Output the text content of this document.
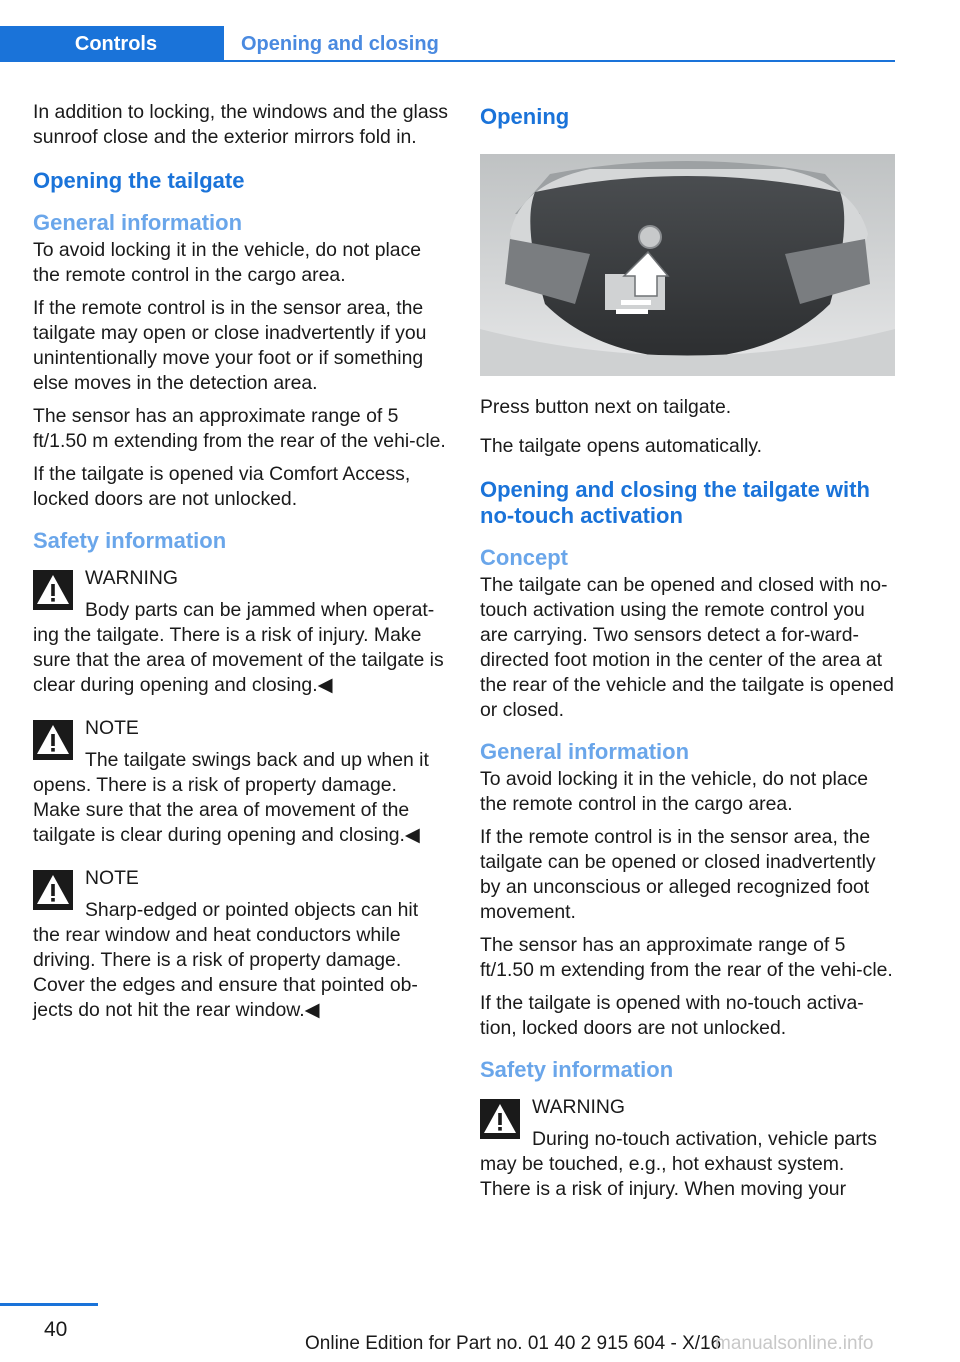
Controls	Opening and closing

In addition to locking, the windows and the glass sunroof close and the exterior mirrors fold in.

Opening the tailgate
General information

To avoid locking it in the vehicle, do not place the remote control in the cargo area.

If the remote control is in the sensor area, the tailgate may open or close inadvertently if you unintentionally move your foot or if something else moves in the detection area.

The sensor has an approximate range of 5 ft/1.50 m extending from the rear of the vehi‐cle.

If the tailgate is opened via Comfort Access, locked doors are not unlocked.

Safety information
WARNING
Body parts can be jammed when operat‐ing the tailgate. There is a risk of injury. Make sure that the area of movement of the tailgate is clear during opening and closing.◀
NOTE
The tailgate swings back and up when it opens. There is a risk of property damage. Make sure that the area of movement of the tailgate is clear during opening and closing.◀
NOTE
Sharp-edged or pointed objects can hit the rear window and heat conductors while driving. There is a risk of property damage. Cover the edges and ensure that pointed ob‐jects do not hit the rear window.◀
Opening

Press button next on tailgate.

The tailgate opens automatically.

Opening and closing the tailgate with no-touch activation
Concept

The tailgate can be opened and closed with no-touch activation using the remote control you are carrying. Two sensors detect a for‐ward-directed foot motion in the center of the area at the rear of the vehicle and the tailgate is opened or closed.

General information

To avoid locking it in the vehicle, do not place the remote control in the cargo area.

If the remote control is in the sensor area, the tailgate can be opened or closed inadvertently by an unconscious or alleged recognized foot movement.

The sensor has an approximate range of 5 ft/1.50 m extending from the rear of the vehi‐cle.

If the tailgate is opened with no-touch activa‐tion, locked doors are not unlocked.

Safety information
WARNING
During no-touch activation, vehicle parts may be touched, e.g., hot exhaust system. There is a risk of injury. When moving your
40
Online Edition for Part no. 01 40 2 915 604 - X/16
manualsonline.info
